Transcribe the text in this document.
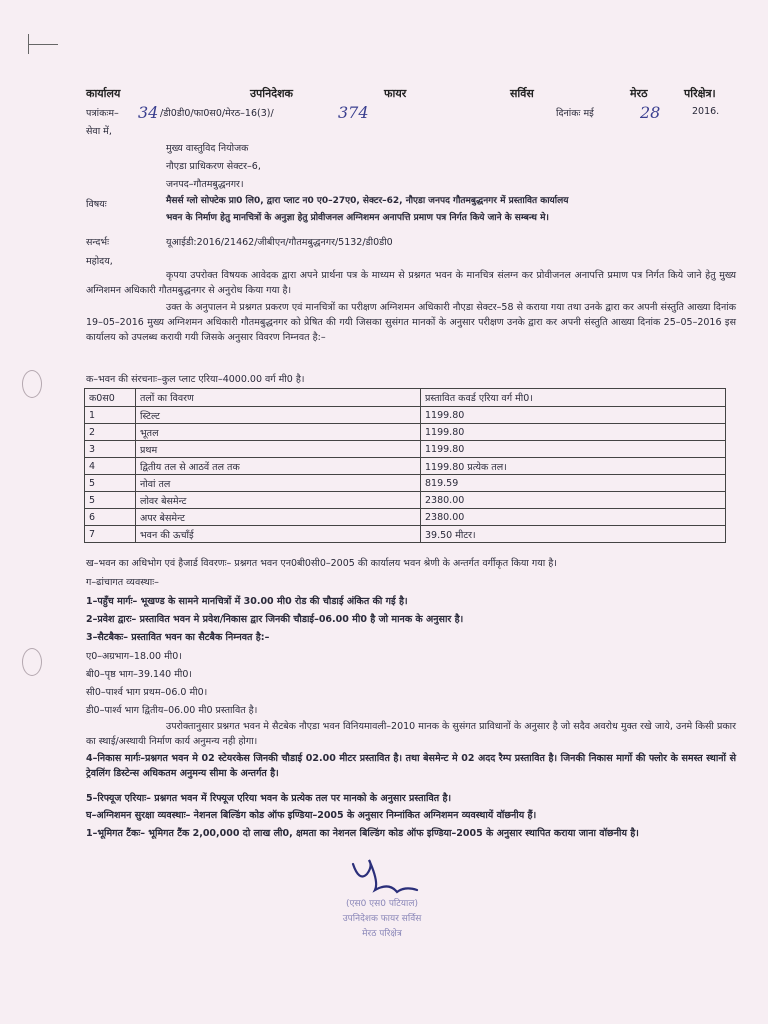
कार्यालय	उपनिदेशक	फायर	सर्विस	मेरठ	परिक्षेत्र।
पत्रांकःम– 34 /डी0डी0/फा0स0/मेरठ–16(3)/	374	दिनांकः मई	28	2016.
सेवा में,
मुख्य वास्तुविद नियोजक
नौएडा प्राधिकरण सेक्टर–6,
जनपद–गौतमबुद्धनगर।
विषयः	मैसर्स ग्लो सोफ्टेक प्रा0 लि0, द्वारा प्लाट न0 ए0–27ए0, सेक्टर–62, नौएडा जनपद गौतमबुद्धनगर में प्रस्तावित कार्यालय
भवन के निर्माण हेतु मानचित्रों के अनुज्ञा हेतु प्रोवीजनल अग्निशमन अनापत्ति प्रमाण पत्र निर्गत किये जाने के सम्बन्ध मे।
सन्दर्भः	यूआईडी:2016/21462/जीबीएन/गौतमबुद्धनगर/5132/डी0डी0
महोदय,
कृपया उपरोक्त विषयक आवेदक द्वारा अपने प्रार्थना पत्र के माध्यम से प्रश्नगत भवन के मानचित्र संलग्न कर प्रोवीजनल अनापत्ति प्रमाण पत्र निर्गत किये जाने हेतु मुख्य अग्निशमन अधिकारी गौतमबुद्धनगर से अनुरोध किया गया है।
उक्त के अनुपालन मे प्रश्नगत प्रकरण एवं मानचित्रों का परीक्षण अग्निशमन अधिकारी नौएडा सेक्टर–58 से कराया गया तथा उनके द्वारा कर अपनी संस्तुति आख्या दिनांक 19–05–2016 मुख्य अग्निशमन अधिकारी गौतमबुद्धनगर को प्रेषित की गयी जिसका सुसंगत मानकों के अनुसार परीक्षण उनके द्वारा कर अपनी संस्तुति आख्या दिनांक 25–05–2016 इस कार्यालय को उपलब्ध करायी गयी जिसके अनुसार विवरण निम्नवत है:–
क–भवन की संरचनाः–कुल प्लाट एरिया–4000.00 वर्ग मी0 है।
क0स0	तलों का विवरण	प्रस्तावित कवर्ड एरिया वर्ग मी0।
1	स्टिल्ट	1199.80
2	भूतल	1199.80
3	प्रथम	1199.80
4	द्वितीय तल से आठवें तल तक	1199.80 प्रत्येक तल।
5	नोवां तल	819.59
5	लोवर बेसमेन्ट	2380.00
6	अपर बेसमेन्ट	2380.00
7	भवन की ऊचाँई	39.50 मीटर।
ख–भवन का अधिभोग एवं हैजार्ड विवरणः– प्रश्नगत भवन एन0बी0सी0–2005 की कार्यालय भवन श्रेणी के अन्तर्गत वर्गीकृत किया गया है।
ग–ढांचागत व्यवस्थाः–
1–पहुँच मार्गः– भूखण्ड के सामने मानचित्रों में 30.00 मी0 रोड की चौडाई अंकित की गई है।
2–प्रवेश द्वारः– प्रस्तावित भवन मे प्रवेश/निकास द्वार जिनकी चौडाई–06.00 मी0 है जो मानक के अनुसार है।
3–सैटबैकः– प्रस्तावित भवन का सैटबैक निम्नवत है:–
ए0–अग्रभाग–18.00 मी0।
बी0–पृष्ठ भाग–39.140 मी0।
सी0–पार्श्व भाग प्रथम–06.0 मी0।
डी0–पार्श्व भाग द्वितीय–06.00 मी0 प्रस्तावित है।
उपरोक्तानुसार प्रश्नगत भवन मे सैटबेक नौएडा भवन विनियमावली–2010 मानक के सुसंगत प्राविधानों के अनुसार है जो सदैव अवरोध मुक्त रखे जाये, उनमे किसी प्रकार का स्थाई/अस्थायी निर्माण कार्य अनुमन्य नही होगा।
4–निकास मार्गः–प्रश्नगत भवन मे 02 स्टेयरकेस जिनकी चौडाई 02.00 मीटर प्रस्तावित है। तथा बेसमेन्ट मे 02 अदद रैम्प प्रस्तावित है। जिनकी निकास मार्गो की फ्लोर के समस्त स्थानों से ट्रेवलिंग डिस्टेन्स अधिकतम अनुमन्य सीमा के अन्तर्गत है।
5–रिफ्यूज एरियाः– प्रश्नगत भवन में रिफ्यूज एरिया भवन के प्रत्येक तल पर मानको के अनुसार प्रस्तावित है।
घ–अग्निशमन सुरक्षा व्यवस्थाः– नेशनल बिल्डिंग कोड ऑफ इण्डिया–2005 के अनुसार निम्नांकित अग्निशमन व्यवस्थायें वॉछनीय हैं।
1–भूमिगत टैंकः– भूमिगत टैंक 2,00,000 दो लाख ली0, क्षमता का नेशनल बिल्डिंग कोड ऑफ इण्डिया–2005 के अनुसार स्थापित कराया जाना वॉछनीय है।
(एस0 एस0 पटियाल)
उपनिदेशक फायर सर्विस
मेरठ परिक्षेत्र
